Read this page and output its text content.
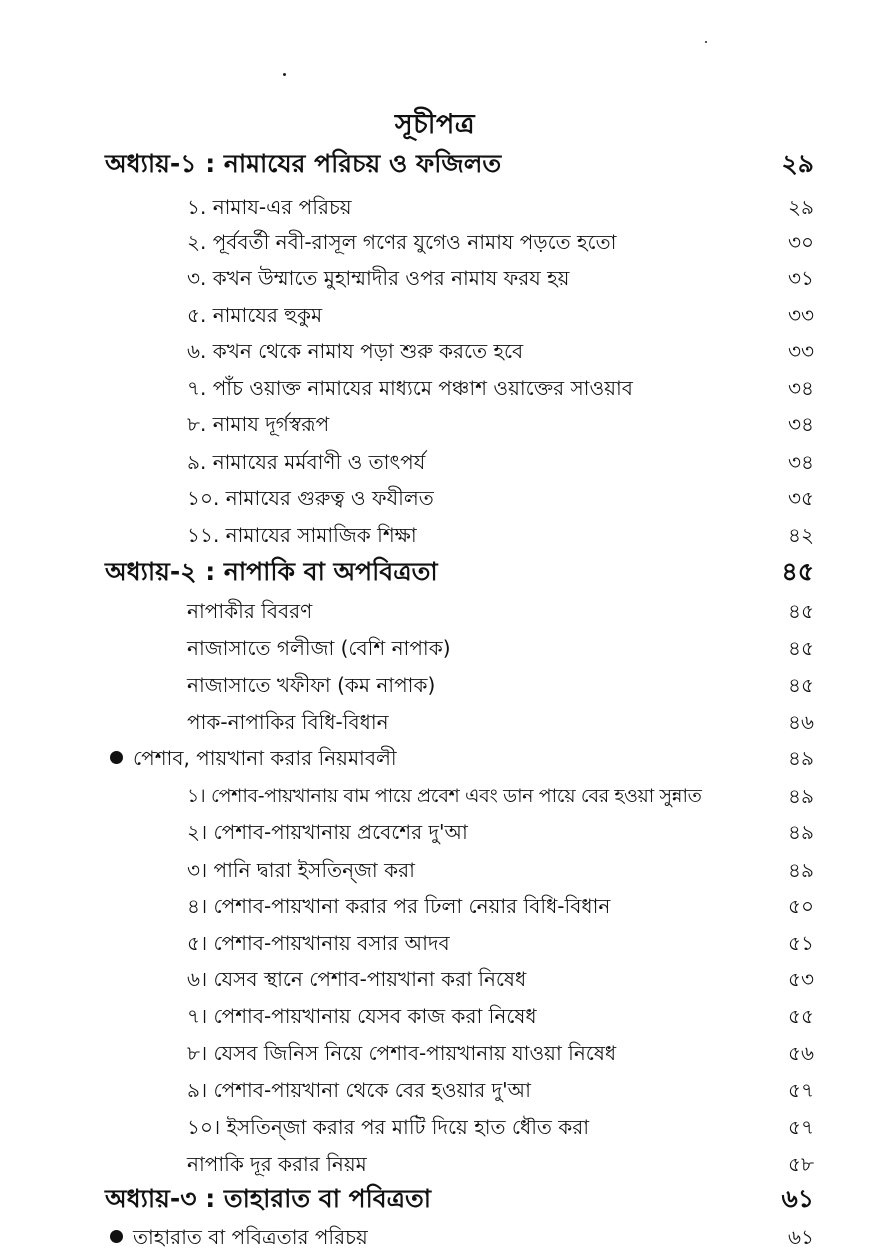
সূচীপত্র
অধ্যায়-১ : নামাযের পরিচয় ও ফজিলত	২৯
১. নামায-এর পরিচয়	২৯
২. পূর্ববর্তী নবী-রাসূল গণের যুগেও নামায পড়তে হতো	৩০
৩. কখন উম্মাতে মুহাম্মাদীর ওপর নামায ফরয হয়	৩১
৫. নামাযের হুকুম	৩৩
৬. কখন থেকে নামায পড়া শুরু করতে হবে	৩৩
৭. পাঁচ ওয়াক্ত নামাযের মাধ্যমে পঞ্চাশ ওয়াক্তের সাওয়াব	৩৪
৮. নামায দূর্গস্বরূপ	৩৪
৯. নামাযের মর্মবাণী ও তাৎপর্য	৩৪
১০. নামাযের গুরুত্ব ও ফযীলত	৩৫
১১. নামাযের সামাজিক শিক্ষা	৪২
অধ্যায়-২ : নাপাকি বা অপবিত্রতা	৪৫
নাপাকীর বিবরণ	৪৫
নাজাসাতে গলীজা (বেশি নাপাক)	৪৫
নাজাসাতে খফীফা (কম নাপাক)	৪৫
পাক-নাপাকির বিধি-বিধান	৪৬
পেশাব, পায়খানা করার নিয়মাবলী	৪৯
১। পেশাব-পায়খানায় বাম পায়ে প্রবেশ এবং ডান পায়ে বের হওয়া সুন্নাত	৪৯
২। পেশাব-পায়খানায় প্রবেশের দু'আ	৪৯
৩। পানি দ্বারা ইসতিন্জা করা	৪৯
৪। পেশাব-পায়খানা করার পর ঢিলা নেয়ার বিধি-বিধান	৫০
৫। পেশাব-পায়খানায় বসার আদব	৫১
৬। যেসব স্থানে পেশাব-পায়খানা করা নিষেধ	৫৩
৭। পেশাব-পায়খানায় যেসব কাজ করা নিষেধ	৫৫
৮। যেসব জিনিস নিয়ে পেশাব-পায়খানায় যাওয়া নিষেধ	৫৬
৯। পেশাব-পায়খানা থেকে বের হওয়ার দু'আ	৫৭
১০। ইসতিন্জা করার পর মাটি দিয়ে হাত ধৌত করা	৫৭
নাপাকি দূর করার নিয়ম	৫৮
অধ্যায়-৩ : তাহারাত বা পবিত্রতা	৬১
তাহারাত বা পবিত্রতার পরিচয়	৬১
